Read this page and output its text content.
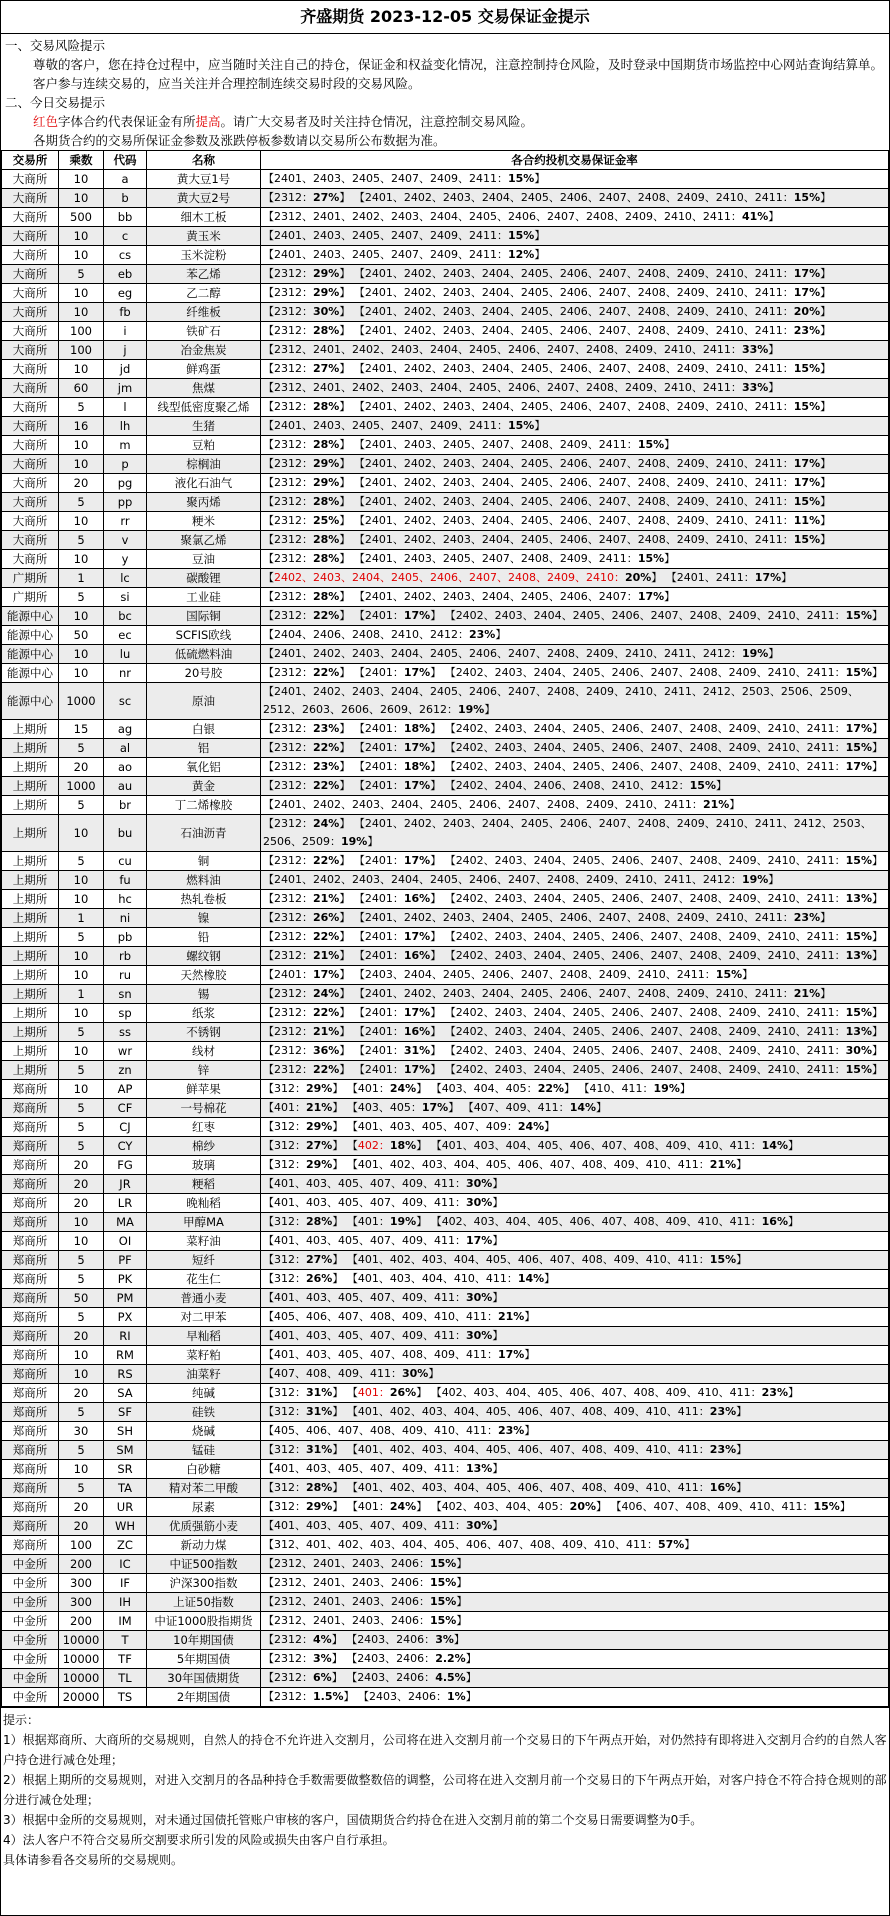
齐盛期货 2023-12-05 交易保证金提示

一、交易风险提示

尊敬的客户，您在持仓过程中，应当随时关注自己的持仓，保证金和权益变化情况，注意控制持仓风险，及时登录中国期货市场监控中心网站查询结算单。客户参与连续交易的，应当关注并合理控制连续交易时段的交易风险。

二、今日交易提示

红色字体合约代表保证金有所提高。请广大交易者及时关注持仓情况，注意控制交易风险。

各期货合约的交易所保证金参数及涨跌停板参数请以交易所公布数据为准。

交易所	乘数	代码	名称	各合约投机交易保证金率
大商所	10	a	黄大豆1号	【2401、2403、2405、2407、2409、2411：15%】
大商所	10	b	黄大豆2号	【2312：27%】 【2401、2402、2403、2404、2405、2406、2407、2408、2409、2410、2411：15%】
大商所	500	bb	细木工板	【2312、2401、2402、2403、2404、2405、2406、2407、2408、2409、2410、2411：41%】
大商所	10	c	黄玉米	【2401、2403、2405、2407、2409、2411：15%】
大商所	10	cs	玉米淀粉	【2401、2403、2405、2407、2409、2411：12%】
大商所	5	eb	苯乙烯	【2312：29%】 【2401、2402、2403、2404、2405、2406、2407、2408、2409、2410、2411：17%】
大商所	10	eg	乙二醇	【2312：29%】 【2401、2402、2403、2404、2405、2406、2407、2408、2409、2410、2411：17%】
大商所	10	fb	纤维板	【2312：30%】 【2401、2402、2403、2404、2405、2406、2407、2408、2409、2410、2411：20%】
大商所	100	i	铁矿石	【2312：28%】 【2401、2402、2403、2404、2405、2406、2407、2408、2409、2410、2411：23%】
大商所	100	j	冶金焦炭	【2312、2401、2402、2403、2404、2405、2406、2407、2408、2409、2410、2411：33%】
大商所	10	jd	鲜鸡蛋	【2312：27%】 【2401、2402、2403、2404、2405、2406、2407、2408、2409、2410、2411：15%】
大商所	60	jm	焦煤	【2312、2401、2402、2403、2404、2405、2406、2407、2408、2409、2410、2411：33%】
大商所	5	l	线型低密度聚乙烯	【2312：28%】 【2401、2402、2403、2404、2405、2406、2407、2408、2409、2410、2411：15%】
大商所	16	lh	生猪	【2401、2403、2405、2407、2409、2411：15%】
大商所	10	m	豆粕	【2312：28%】 【2401、2403、2405、2407、2408、2409、2411：15%】
大商所	10	p	棕榈油	【2312：29%】 【2401、2402、2403、2404、2405、2406、2407、2408、2409、2410、2411：17%】
大商所	20	pg	液化石油气	【2312：29%】 【2401、2402、2403、2404、2405、2406、2407、2408、2409、2410、2411：17%】
大商所	5	pp	聚丙烯	【2312：28%】 【2401、2402、2403、2404、2405、2406、2407、2408、2409、2410、2411：15%】
大商所	10	rr	粳米	【2312：25%】 【2401、2402、2403、2404、2405、2406、2407、2408、2409、2410、2411：11%】
大商所	5	v	聚氯乙烯	【2312：28%】 【2401、2402、2403、2404、2405、2406、2407、2408、2409、2410、2411：15%】
大商所	10	y	豆油	【2312：28%】 【2401、2403、2405、2407、2408、2409、2411：15%】
广期所	1	lc	碳酸锂	【2402、2403、2404、2405、2406、2407、2408、2409、2410：20%】 【2401、2411：17%】
广期所	5	si	工业硅	【2312：28%】 【2401、2402、2403、2404、2405、2406、2407：17%】
能源中心	10	bc	国际铜	【2312：22%】 【2401：17%】 【2402、2403、2404、2405、2406、2407、2408、2409、2410、2411：15%】
能源中心	50	ec	SCFIS欧线	【2404、2406、2408、2410、2412：23%】
能源中心	10	lu	低硫燃料油	【2401、2402、2403、2404、2405、2406、2407、2408、2409、2410、2411、2412：19%】
能源中心	10	nr	20号胶	【2312：22%】 【2401：17%】 【2402、2403、2404、2405、2406、2407、2408、2409、2410、2411：15%】
能源中心	1000	sc	原油	【2401、2402、2403、2404、2405、2406、2407、2408、2409、2410、2411、2412、2503、2506、2509、2512、2603、2606、2609、2612：19%】
上期所	15	ag	白银	【2312：23%】 【2401：18%】 【2402、2403、2404、2405、2406、2407、2408、2409、2410、2411：17%】
上期所	5	al	铝	【2312：22%】 【2401：17%】 【2402、2403、2404、2405、2406、2407、2408、2409、2410、2411：15%】
上期所	20	ao	氧化铝	【2312：23%】 【2401：18%】 【2402、2403、2404、2405、2406、2407、2408、2409、2410、2411：17%】
上期所	1000	au	黄金	【2312：22%】 【2401：17%】 【2402、2404、2406、2408、2410、2412：15%】
上期所	5	br	丁二烯橡胶	【2401、2402、2403、2404、2405、2406、2407、2408、2409、2410、2411：21%】
上期所	10	bu	石油沥青	【2312：24%】 【2401、2402、2403、2404、2405、2406、2407、2408、2409、2410、2411、2412、2503、2506、2509：19%】
上期所	5	cu	铜	【2312：22%】 【2401：17%】 【2402、2403、2404、2405、2406、2407、2408、2409、2410、2411：15%】
上期所	10	fu	燃料油	【2401、2402、2403、2404、2405、2406、2407、2408、2409、2410、2411、2412：19%】
上期所	10	hc	热轧卷板	【2312：21%】 【2401：16%】 【2402、2403、2404、2405、2406、2407、2408、2409、2410、2411：13%】
上期所	1	ni	镍	【2312：26%】 【2401、2402、2403、2404、2405、2406、2407、2408、2409、2410、2411：23%】
上期所	5	pb	铅	【2312：22%】 【2401：17%】 【2402、2403、2404、2405、2406、2407、2408、2409、2410、2411：15%】
上期所	10	rb	螺纹钢	【2312：21%】 【2401：16%】 【2402、2403、2404、2405、2406、2407、2408、2409、2410、2411：13%】
上期所	10	ru	天然橡胶	【2401：17%】 【2403、2404、2405、2406、2407、2408、2409、2410、2411：15%】
上期所	1	sn	锡	【2312：24%】 【2401、2402、2403、2404、2405、2406、2407、2408、2409、2410、2411：21%】
上期所	10	sp	纸浆	【2312：22%】 【2401：17%】 【2402、2403、2404、2405、2406、2407、2408、2409、2410、2411：15%】
上期所	5	ss	不锈钢	【2312：21%】 【2401：16%】 【2402、2403、2404、2405、2406、2407、2408、2409、2410、2411：13%】
上期所	10	wr	线材	【2312：36%】 【2401：31%】 【2402、2403、2404、2405、2406、2407、2408、2409、2410、2411：30%】
上期所	5	zn	锌	【2312：22%】 【2401：17%】 【2402、2403、2404、2405、2406、2407、2408、2409、2410、2411：15%】
郑商所	10	AP	鲜苹果	【312：29%】 【401：24%】 【403、404、405：22%】 【410、411：19%】
郑商所	5	CF	一号棉花	【401：21%】 【403、405：17%】 【407、409、411：14%】
郑商所	5	CJ	红枣	【312：29%】 【401、403、405、407、409：24%】
郑商所	5	CY	棉纱	【312：27%】 【402：18%】 【401、403、404、405、406、407、408、409、410、411：14%】
郑商所	20	FG	玻璃	【312：29%】 【401、402、403、404、405、406、407、408、409、410、411：21%】
郑商所	20	JR	粳稻	【401、403、405、407、409、411：30%】
郑商所	20	LR	晚籼稻	【401、403、405、407、409、411：30%】
郑商所	10	MA	甲醇MA	【312：28%】 【401：19%】 【402、403、404、405、406、407、408、409、410、411：16%】
郑商所	10	OI	菜籽油	【401、403、405、407、409、411：17%】
郑商所	5	PF	短纤	【312：27%】 【401、402、403、404、405、406、407、408、409、410、411：15%】
郑商所	5	PK	花生仁	【312：26%】 【401、403、404、410、411：14%】
郑商所	50	PM	普通小麦	【401、403、405、407、409、411：30%】
郑商所	5	PX	对二甲苯	【405、406、407、408、409、410、411：21%】
郑商所	20	RI	早籼稻	【401、403、405、407、409、411：30%】
郑商所	10	RM	菜籽粕	【401、403、405、407、408、409、411：17%】
郑商所	10	RS	油菜籽	【407、408、409、411：30%】
郑商所	20	SA	纯碱	【312：31%】 【401：26%】 【402、403、404、405、406、407、408、409、410、411：23%】
郑商所	5	SF	硅铁	【312：31%】 【401、402、403、404、405、406、407、408、409、410、411：23%】
郑商所	30	SH	烧碱	【405、406、407、408、409、410、411：23%】
郑商所	5	SM	锰硅	【312：31%】 【401、402、403、404、405、406、407、408、409、410、411：23%】
郑商所	10	SR	白砂糖	【401、403、405、407、409、411：13%】
郑商所	5	TA	精对苯二甲酸	【312：28%】 【401、402、403、404、405、406、407、408、409、410、411：16%】
郑商所	20	UR	尿素	【312：29%】 【401：24%】 【402、403、404、405：20%】 【406、407、408、409、410、411：15%】
郑商所	20	WH	优质强筋小麦	【401、403、405、407、409、411：30%】
郑商所	100	ZC	新动力煤	【312、401、402、403、404、405、406、407、408、409、410、411：57%】
中金所	200	IC	中证500指数	【2312、2401、2403、2406：15%】
中金所	300	IF	沪深300指数	【2312、2401、2403、2406：15%】
中金所	300	IH	上证50指数	【2312、2401、2403、2406：15%】
中金所	200	IM	中证1000股指期货	【2312、2401、2403、2406：15%】
中金所	10000	T	10年期国债	【2312：4%】 【2403、2406：3%】
中金所	10000	TF	5年期国债	【2312：3%】 【2403、2406：2.2%】
中金所	10000	TL	30年国债期货	【2312：6%】 【2403、2406：4.5%】
中金所	20000	TS	2年期国债	【2312：1.5%】 【2403、2406：1%】

提示：

1）根据郑商所、大商所的交易规则，自然人的持仓不允许进入交割月，公司将在进入交割月前一个交易日的下午两点开始，对仍然持有即将进入交割月合约的自然人客户持仓进行减仓处理；

2）根据上期所的交易规则，对进入交割月的各品种持仓手数需要做整数倍的调整，公司将在进入交割月前一个交易日的下午两点开始，对客户持仓不符合持仓规则的部分进行减仓处理；

3）根据中金所的交易规则，对未通过国债托管账户审核的客户，国债期货合约持仓在进入交割月前的第二个交易日需要调整为0手。

4）法人客户不符合交易所交割要求所引发的风险或损失由客户自行承担。

具体请参看各交易所的交易规则。
